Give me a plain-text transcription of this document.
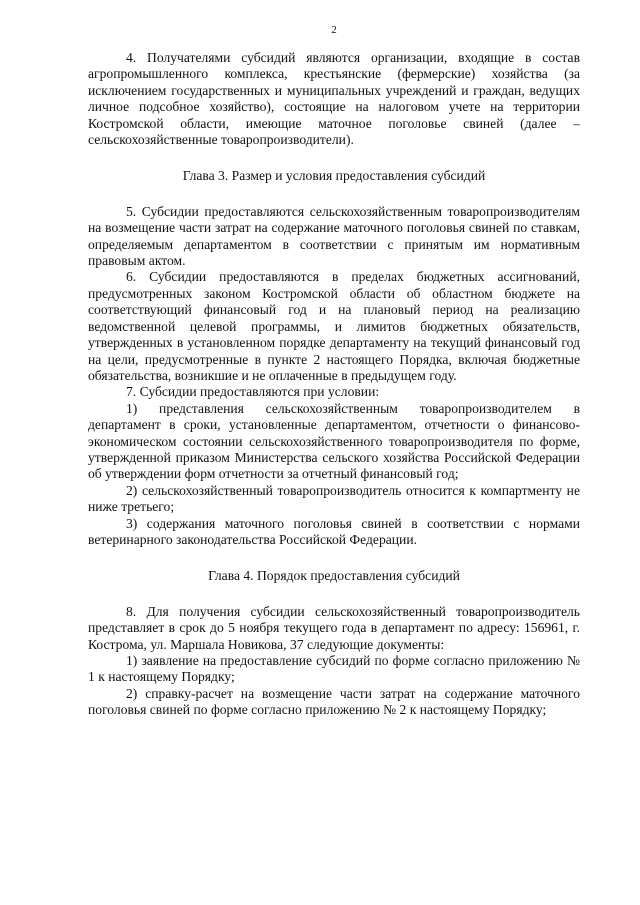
2

4. Получателями субсидий являются организации, входящие в состав агропромышленного комплекса, крестьянские (фермерские) хозяйства (за исключением государственных и муниципальных учреждений и граждан, ведущих личное подсобное хозяйство), состоящие на налоговом учете на территории Костромской области, имеющие маточное поголовье свиней (далее – сельскохозяйственные товаропроизводители).

Глава 3. Размер и условия предоставления субсидий

5. Субсидии предоставляются сельскохозяйственным товаропроизводителям на возмещение части затрат на содержание маточного поголовья свиней по ставкам, определяемым департаментом в соответствии с принятым им нормативным правовым актом.

6. Субсидии предоставляются в пределах бюджетных ассигнований, предусмотренных законом Костромской области об областном бюджете на соответствующий финансовый год и на плановый период на реализацию ведомственной целевой программы, и лимитов бюджетных обязательств, утвержденных в установленном порядке департаменту на текущий финансовый год на цели, предусмотренные в пункте 2 настоящего Порядка, включая бюджетные обязательства, возникшие и не оплаченные в предыдущем году.

7. Субсидии предоставляются при условии:

1) представления сельскохозяйственным товаропроизводителем в департамент в сроки, установленные департаментом, отчетности о финансово-экономическом состоянии сельскохозяйственного товаропроизводителя по форме, утвержденной приказом Министерства сельского хозяйства Российской Федерации об утверждении форм отчетности за отчетный финансовый год;

2) сельскохозяйственный товаропроизводитель относится к компартменту не ниже третьего;

3) содержания маточного поголовья свиней в соответствии с нормами ветеринарного законодательства Российской Федерации.

Глава 4. Порядок предоставления субсидий

8. Для получения субсидии сельскохозяйственный товаропроизводитель представляет в срок до 5 ноября текущего года в департамент по адресу: 156961, г. Кострома, ул. Маршала Новикова, 37 следующие документы:

1) заявление на предоставление субсидий по форме согласно приложению № 1 к настоящему Порядку;

2) справку-расчет на возмещение части затрат на содержание маточного поголовья свиней по форме согласно приложению № 2 к настоящему Порядку;
